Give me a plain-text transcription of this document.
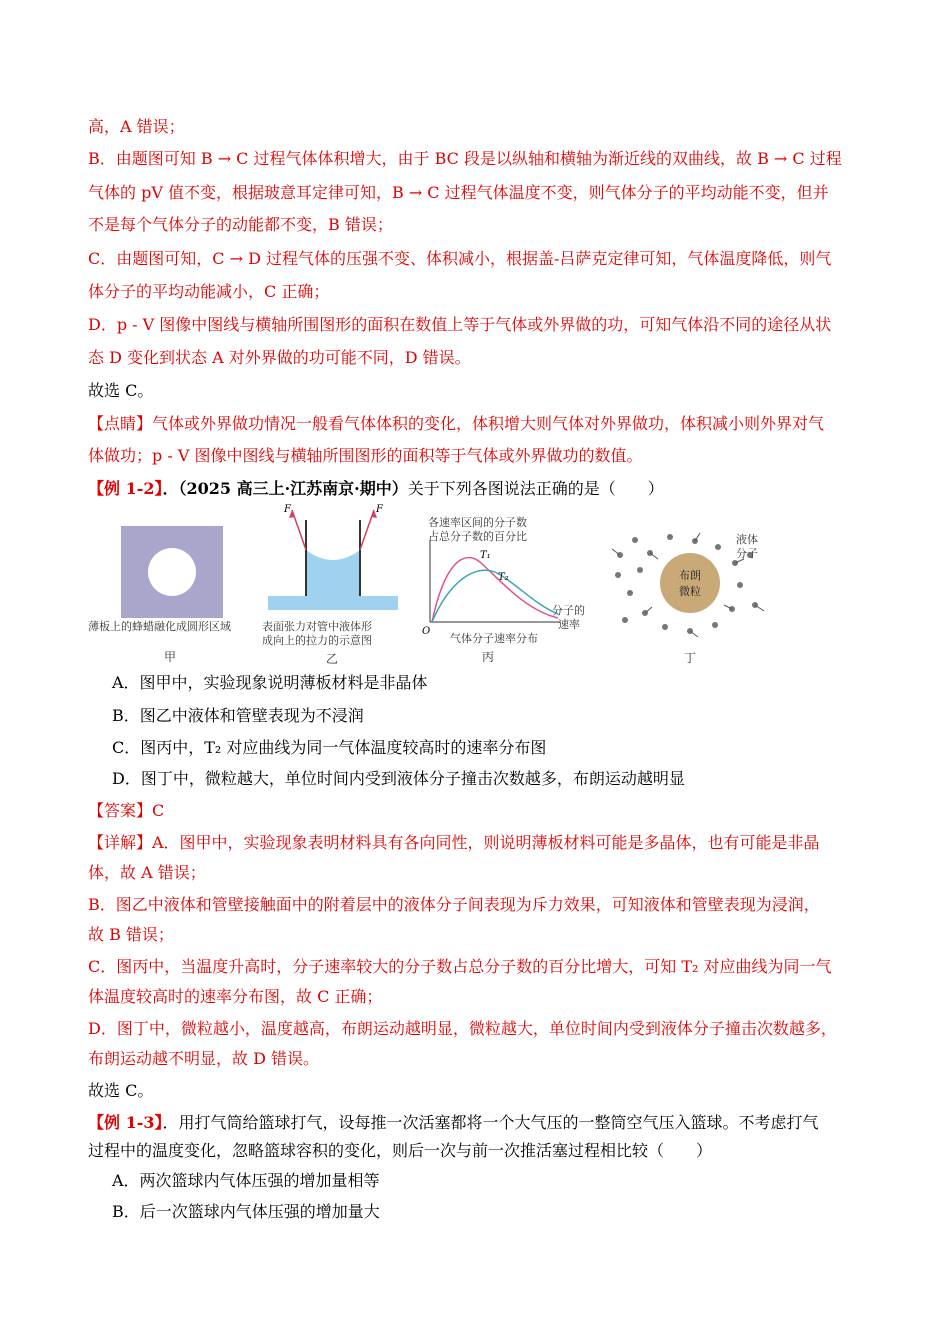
高，A 错误；
B．由题图可知 B → C 过程气体体积增大，由于 BC 段是以纵轴和横轴为渐近线的双曲线，故 B → C 过程
气体的 pV 值不变，根据玻意耳定律可知，B → C 过程气体温度不变，则气体分子的平均动能不变，但并
不是每个气体分子的动能都不变，B 错误；
C．由题图可知，C → D 过程气体的压强不变、体积减小，根据盖-吕萨克定律可知，气体温度降低，则气
体分子的平均动能减小，C 正确；
D．p - V 图像中图线与横轴所围图形的面积在数值上等于气体或外界做的功，可知气体沿不同的途径从状
态 D 变化到状态 A 对外界做的功可能不同，D 错误。
故选 C。
【点睛】气体或外界做功情况一般看气体体积的变化，体积增大则气体对外界做功，体积减小则外界对气
体做功；p - V 图像中图线与横轴所围图形的面积等于气体或外界做功的数值。
【例 1-2】．（2025 高三上·江苏南京·期中）关于下列各图说法正确的是（　　）
薄板上的蜂蜡融化成圆形区域
甲
F	F
表面张力对管中液体形
成向上的拉力的示意图
乙
T₁
T₂
O
各速率区间的分子数
占总分子数的百分比
分子的
速率
气体分子速率分布
丙
布朗
微粒
液体
分子
丁
A．图甲中，实验现象说明薄板材料是非晶体
B．图乙中液体和管壁表现为不浸润
C．图丙中，T₂ 对应曲线为同一气体温度较高时的速率分布图
D．图丁中，微粒越大，单位时间内受到液体分子撞击次数越多，布朗运动越明显
【答案】C
【详解】A．图甲中，实验现象表明材料具有各向同性，则说明薄板材料可能是多晶体，也有可能是非晶
体，故 A 错误；
B．图乙中液体和管壁接触面中的附着层中的液体分子间表现为斥力效果，可知液体和管壁表现为浸润，
故 B 错误；
C．图丙中，当温度升高时，分子速率较大的分子数占总分子数的百分比增大，可知 T₂ 对应曲线为同一气
体温度较高时的速率分布图，故 C 正确；
D．图丁中，微粒越小，温度越高，布朗运动越明显，微粒越大，单位时间内受到液体分子撞击次数越多，
布朗运动越不明显，故 D 错误。
故选 C。
【例 1-3】．用打气筒给篮球打气，设每推一次活塞都将一个大气压的一整筒空气压入篮球。不考虑打气
过程中的温度变化，忽略篮球容积的变化，则后一次与前一次推活塞过程相比较（　　）
A．两次篮球内气体压强的增加量相等
B．后一次篮球内气体压强的增加量大
